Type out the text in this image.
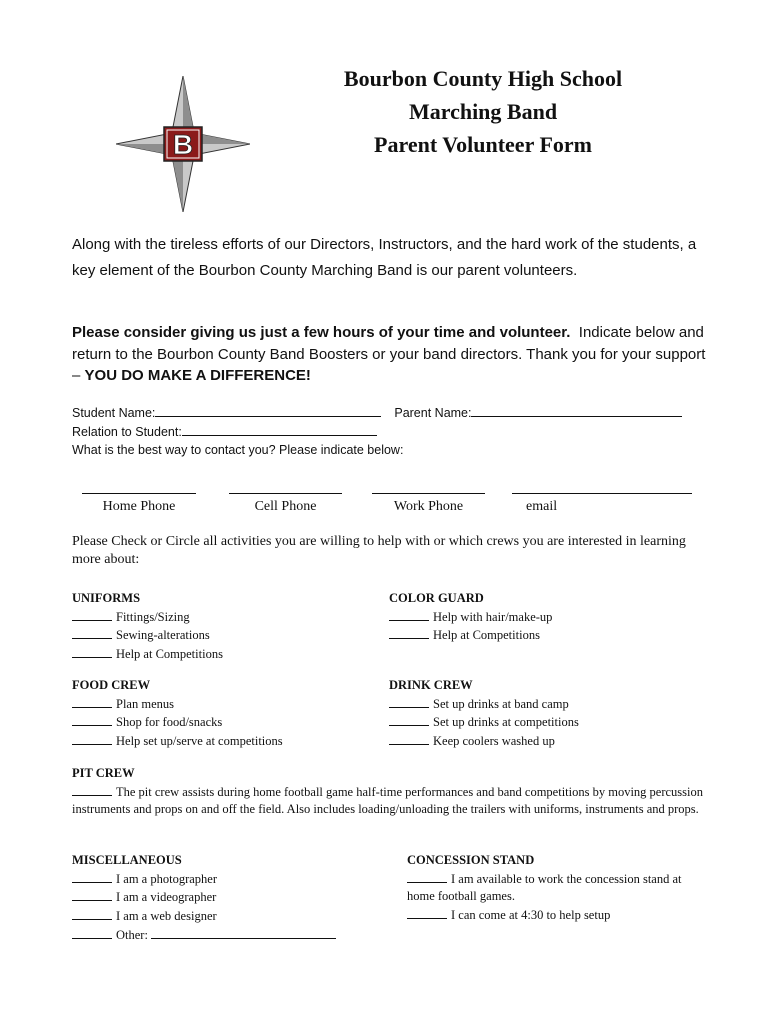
B
Bourbon County High School
Marching Band
Parent Volunteer Form
Along with the tireless efforts of our Directors, Instructors, and the hard work of the students, a key element of the Bourbon County Marching Band is our parent volunteers.
Please consider giving us just a few hours of your time and volunteer. Indicate below and return to the Bourbon County Band Boosters or your band directors. Thank you for your support – YOU DO MAKE A DIFFERENCE!
Student Name:	Parent Name:
Relation to Student:
What is the best way to contact you? Please indicate below:
Home Phone	Cell Phone	Work Phone	email
Please Check or Circle all activities you are willing to help with or which crews you are interested in learning more about:
UNIFORMS
Fittings/Sizing
Sewing-alterations
Help at Competitions
COLOR GUARD
Help with hair/make-up
Help at Competitions
FOOD CREW
Plan menus
Shop for food/snacks
Help set up/serve at competitions
DRINK CREW
Set up drinks at band camp
Set up drinks at competitions
Keep coolers washed up
PIT CREW
The pit crew assists during home football game half-time performances and band competitions by moving percussion instruments and props on and off the field. Also includes loading/unloading the trailers with uniforms, instruments and props.
MISCELLANEOUS
I am a photographer
I am a videographer
I am a web designer
Other:
CONCESSION STAND
I am available to work the concession stand at home football games.
I can come at 4:30 to help setup
